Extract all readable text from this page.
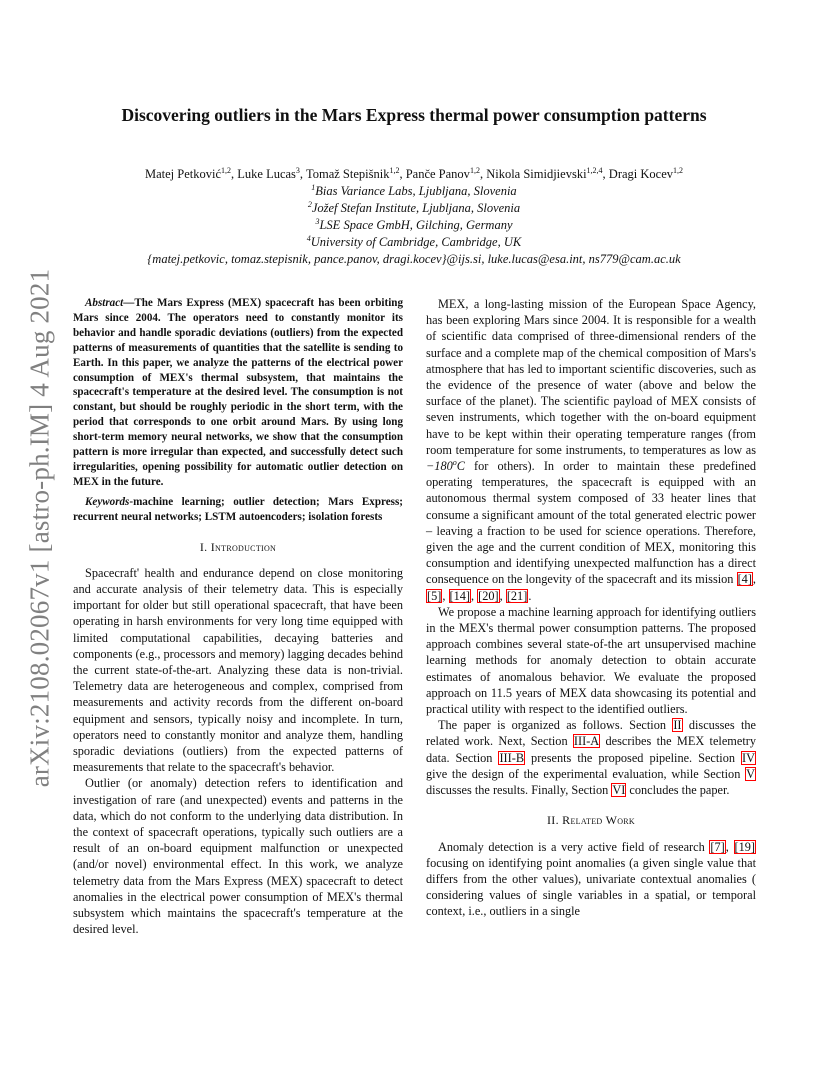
arXiv:2108.02067v1 [astro-ph.IM] 4 Aug 2021
Discovering outliers in the Mars Express thermal power consumption patterns
Matej Petković$^{1,2}$, Luke Lucas$^3$, Tomaž Stepišnik$^{1,2}$, Panče Panov$^{1,2}$, Nikola Simidjievski$^{1,2,4}$, Dragi Kocev$^{1,2}$
$^1$Bias Variance Labs, Ljubljana, Slovenia
$^2$Jožef Stefan Institute, Ljubljana, Slovenia
$^3$LSE Space GmbH, Gilching, Germany
$^4$University of Cambridge, Cambridge, UK
{matej.petkovic, tomaz.stepisnik, pance.panov, dragi.kocev}@ijs.si, luke.lucas@esa.int, ns779@cam.ac.uk

Abstract—The Mars Express (MEX) spacecraft has been orbiting Mars since 2004. The operators need to constantly monitor its behavior and handle sporadic deviations (outliers) from the expected patterns of measurements of quantities that the satellite is sending to Earth. In this paper, we analyze the patterns of the electrical power consumption of MEX's thermal subsystem, that maintains the spacecraft's temperature at the desired level. The consumption is not constant, but should be roughly periodic in the short term, with the period that corresponds to one orbit around Mars. By using long short-term memory neural networks, we show that the consumption pattern is more irregular than expected, and successfully detect such irregularities, opening possibility for automatic outlier detection on MEX in the future.

Keywords-machine learning; outlier detection; Mars Express; recurrent neural networks; LSTM autoencoders; isolation forests

I. Introduction

Spacecraft' health and endurance depend on close monitoring and accurate analysis of their telemetry data. This is especially important for older but still operational spacecraft, that have been operating in harsh environments for very long time equipped with limited computational capabilities, decaying batteries and components (e.g., processors and memory) lagging decades behind the current state-of-the-art. Analyzing these data is non-trivial. Telemetry data are heterogeneous and complex, comprised from measurements and activity records from the different on-board equipment and sensors, typically noisy and incomplete. In turn, operators need to constantly monitor and analyze them, handling sporadic deviations (outliers) from the expected patterns of measurements that relate to the spacecraft's behavior.

Outlier (or anomaly) detection refers to identification and investigation of rare (and unexpected) events and patterns in the data, which do not conform to the underlying data distribution. In the context of spacecraft operations, typically such outliers are a result of an on-board equipment malfunction or unexpected (and/or novel) environmental effect. In this work, we analyze telemetry data from the Mars Express (MEX) spacecraft to detect anomalies in the electrical power consumption of MEX's thermal subsystem which maintains the spacecraft's temperature at the desired level.

MEX, a long-lasting mission of the European Space Agency, has been exploring Mars since 2004. It is responsible for a wealth of scientific data comprised of three-dimensional renders of the surface and a complete map of the chemical composition of Mars's atmosphere that has led to important scientific discoveries, such as the evidence of the presence of water (above and below the surface of the planet). The scientific payload of MEX consists of seven instruments, which together with the on-board equipment have to be kept within their operating temperature ranges (from room temperature for some instruments, to temperatures as low as $-180^oC$ for others). In order to maintain these predefined operating temperatures, the spacecraft is equipped with an autonomous thermal system composed of 33 heater lines that consume a significant amount of the total generated electric power – leaving a fraction to be used for science operations. Therefore, given the age and the current condition of MEX, monitoring this consumption and identifying unexpected malfunction has a direct consequence on the longevity of the spacecraft and its mission [4], [5], [14], [20], [21].

We propose a machine learning approach for identifying outliers in the MEX's thermal power consumption patterns. The proposed approach combines several state-of-the art unsupervised machine learning methods for anomaly detection to obtain accurate estimates of anomalous behavior. We evaluate the proposed approach on 11.5 years of MEX data showcasing its potential and practical utility with respect to the identified outliers.

The paper is organized as follows. Section II discusses the related work. Next, Section III-A describes the MEX telemetry data. Section III-B presents the proposed pipeline. Section IV give the design of the experimental evaluation, while Section V discusses the results. Finally, Section VI concludes the paper.

II. Related Work

Anomaly detection is a very active field of research [7], [19] focusing on identifying point anomalies (a given single value that differs from the other values), univariate contextual anomalies ( considering values of single variables in a spatial, or temporal context, i.e., outliers in a single
